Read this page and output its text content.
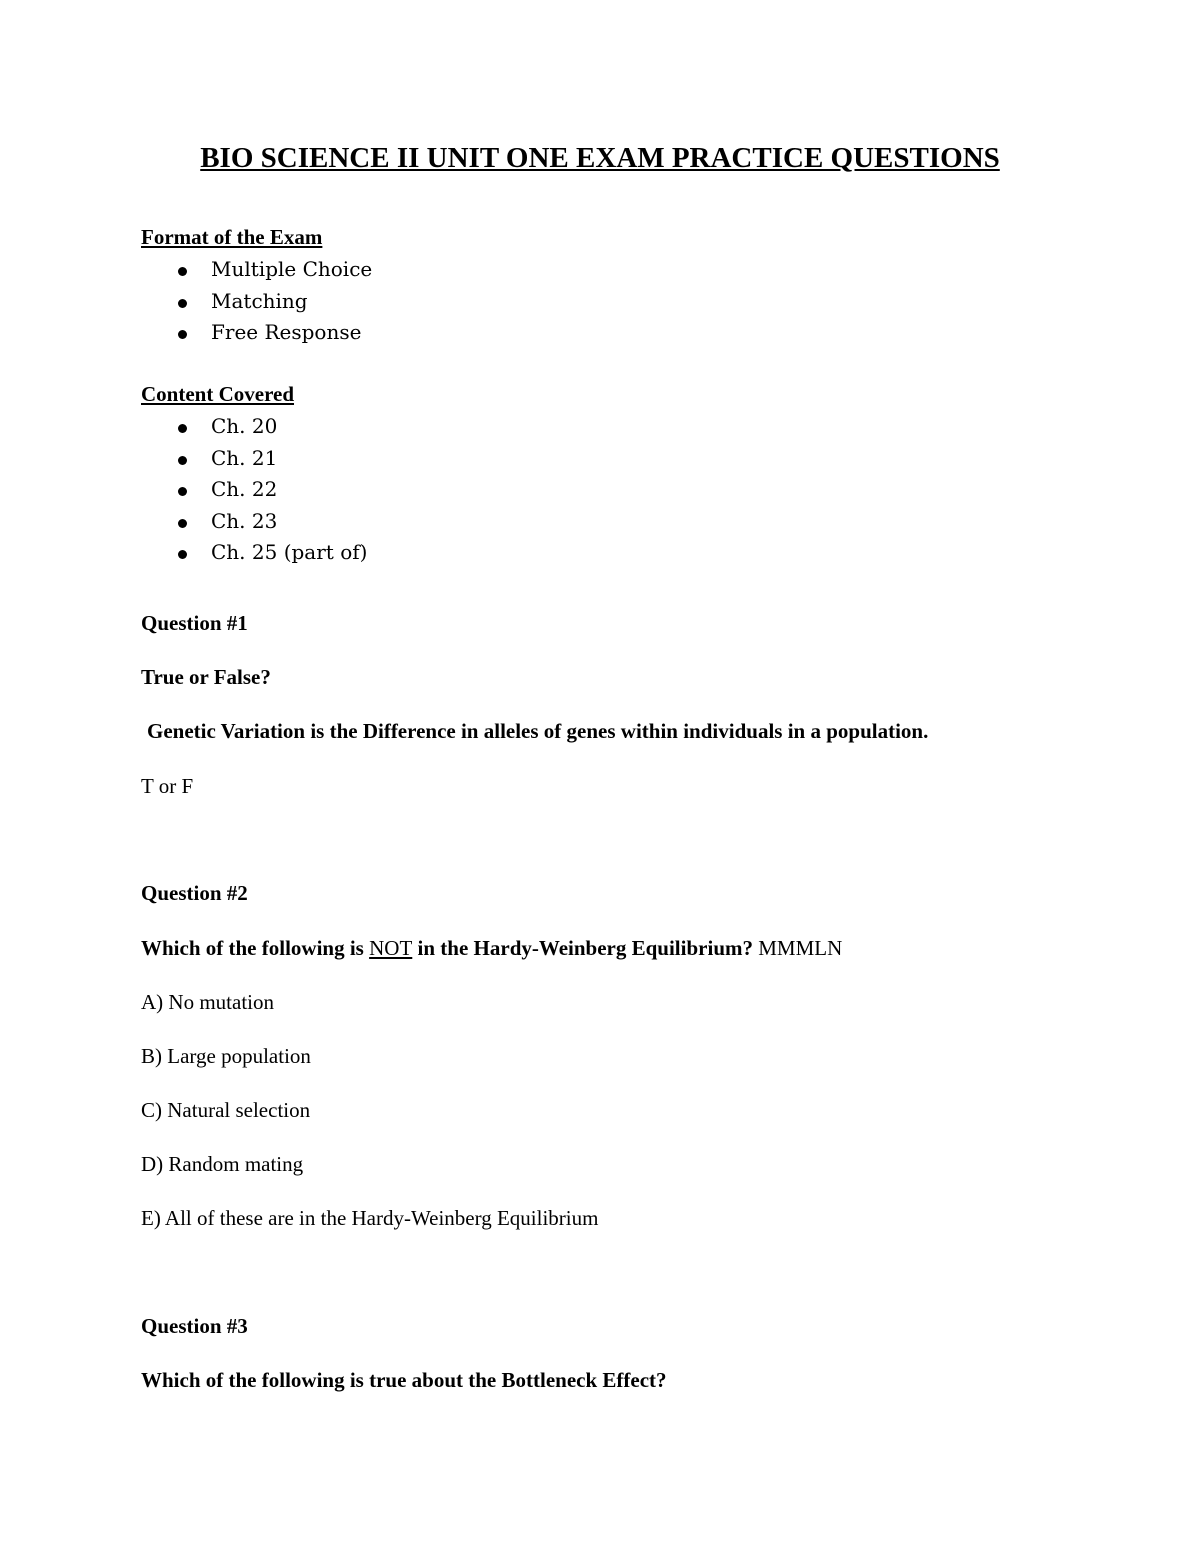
BIO SCIENCE II UNIT ONE EXAM PRACTICE QUESTIONS
Format of the Exam
Multiple Choice
Matching
Free Response
Content Covered
Ch. 20
Ch. 21
Ch. 22
Ch. 23
Ch. 25 (part of)
Question #1
True or False?
Genetic Variation is the Difference in alleles of genes within individuals in a population.
T or F
Question #2
Which of the following is NOT in the Hardy-Weinberg Equilibrium? MMMLN
A) No mutation
B) Large population
C) Natural selection
D) Random mating
E) All of these are in the Hardy-Weinberg Equilibrium
Question #3
Which of the following is true about the Bottleneck Effect?
